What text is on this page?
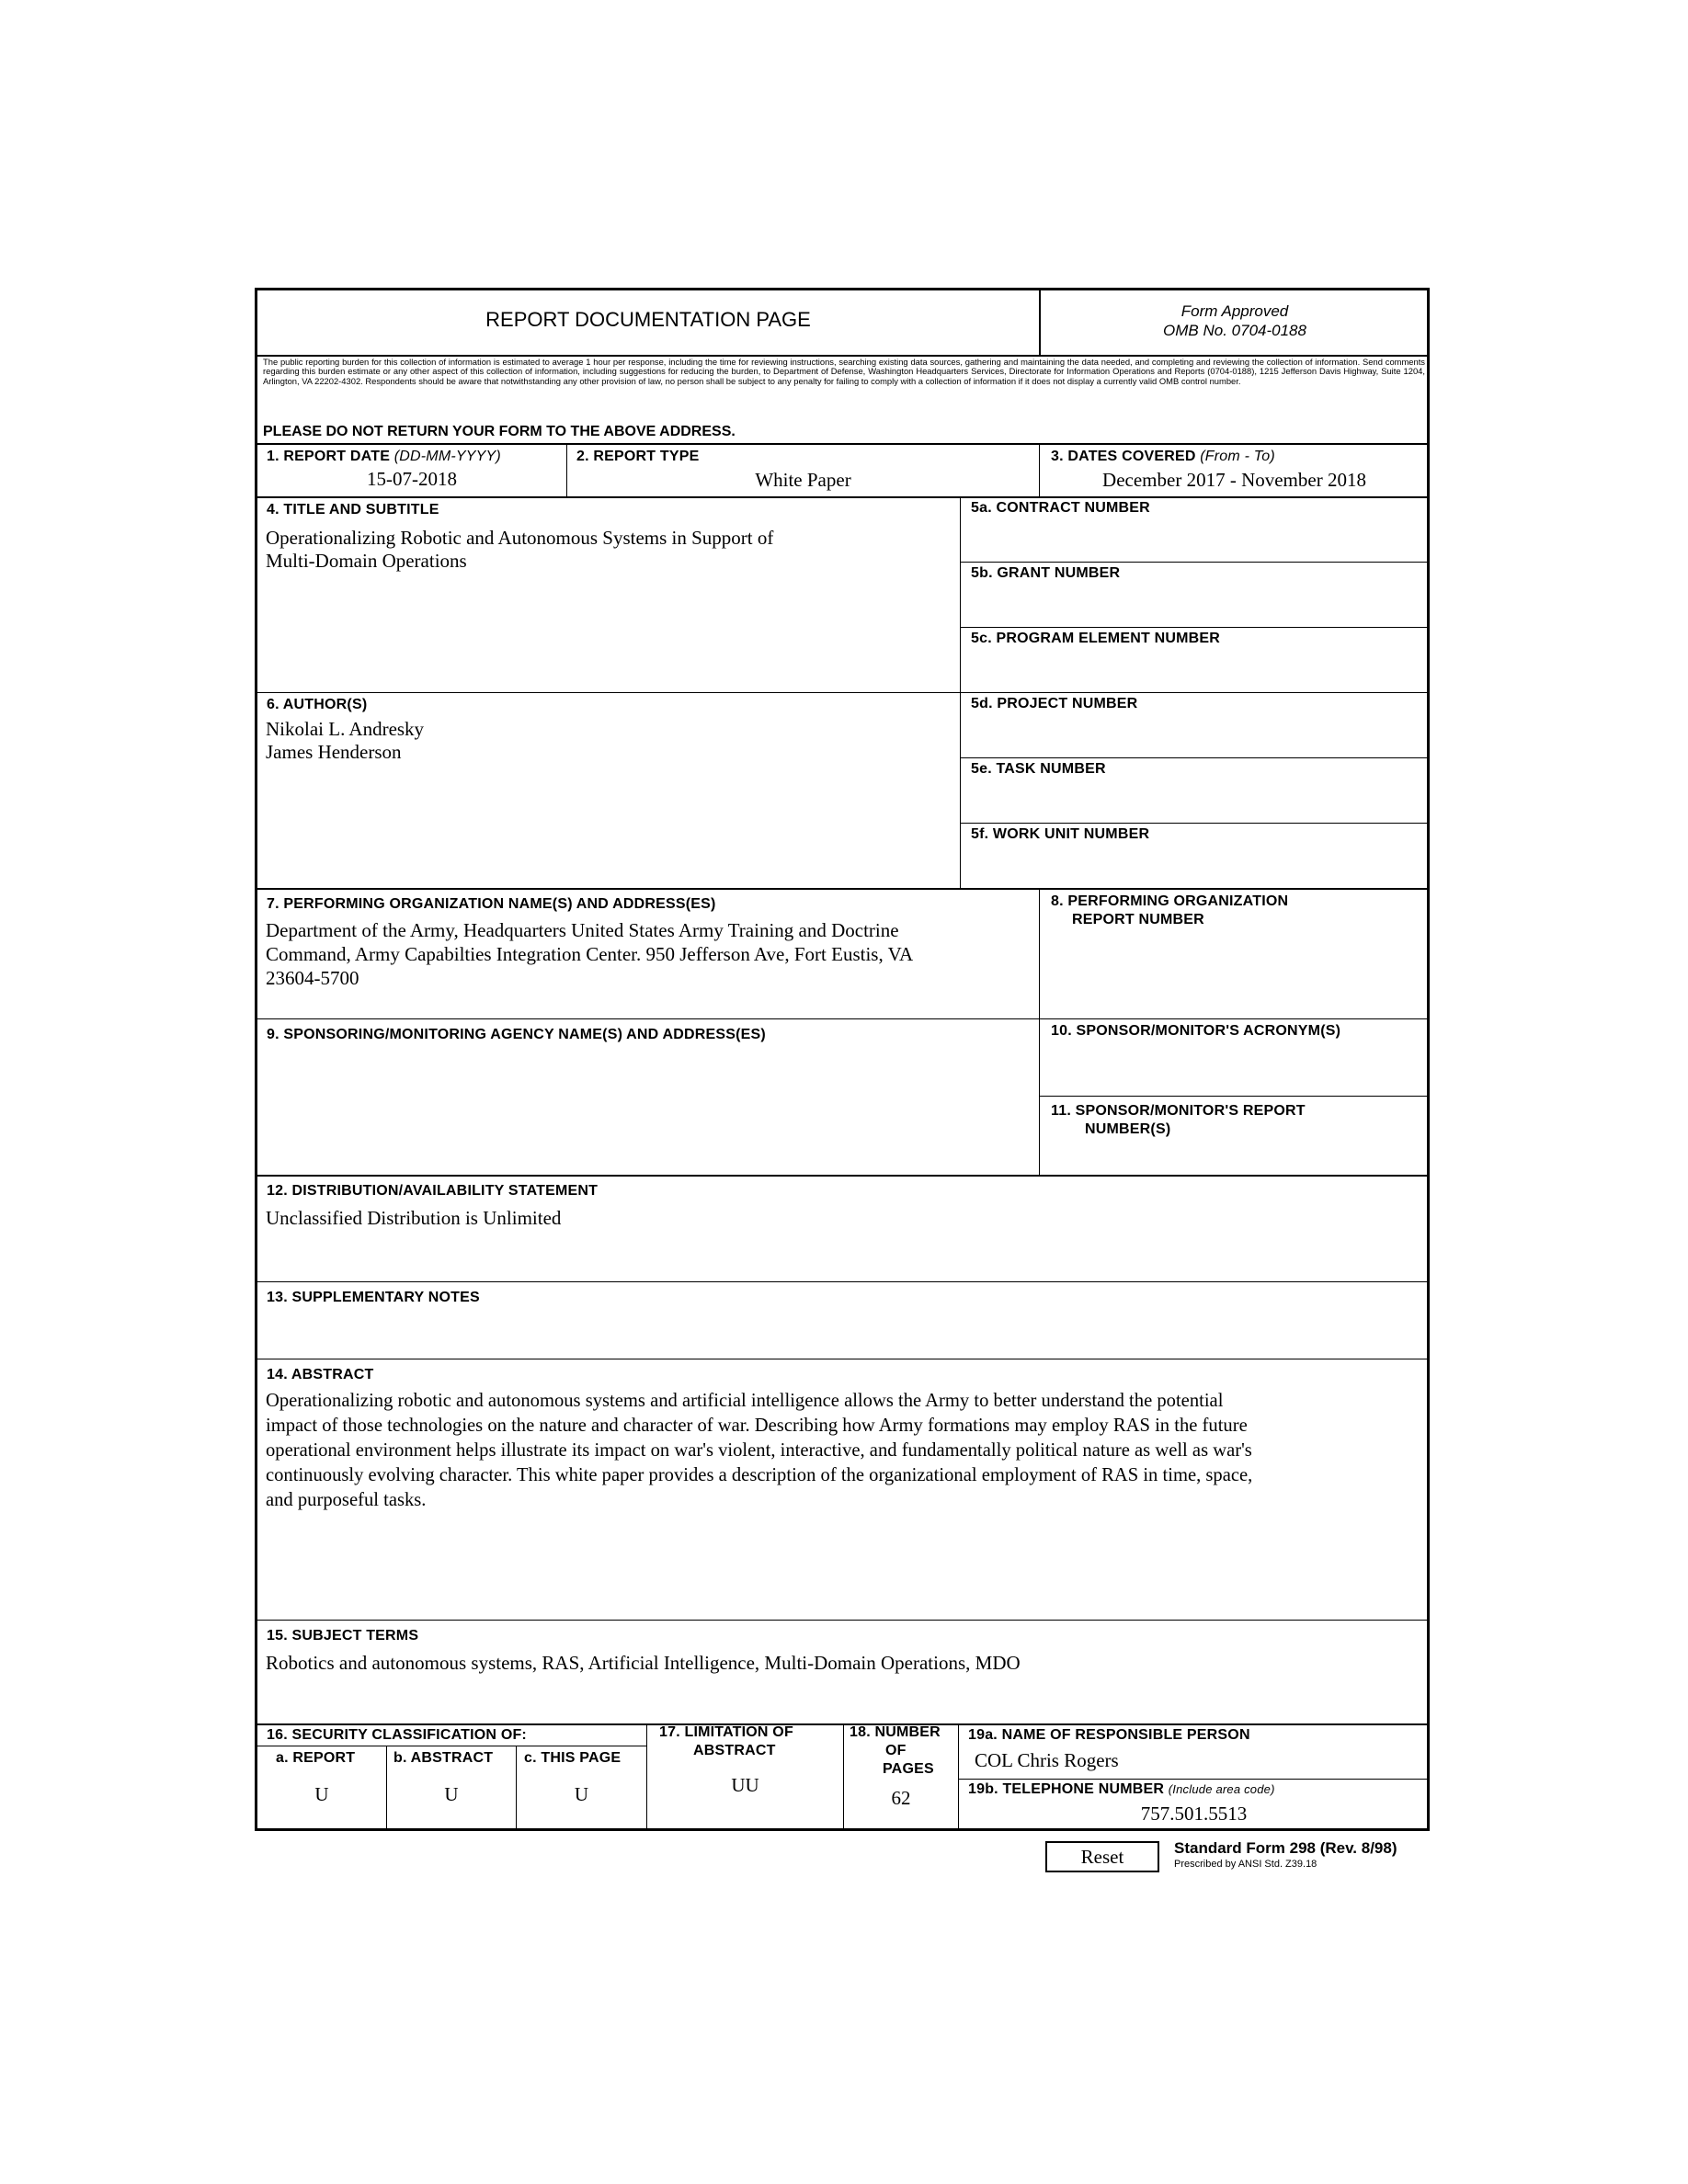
REPORT DOCUMENTATION PAGE	Form Approved
OMB No. 0704-0188
The public reporting burden for this collection of information is estimated to average 1 hour per response, including the time for reviewing instructions, searching existing data sources, gathering and maintaining the data needed, and completing and reviewing the collection of information. Send comments regarding this burden estimate or any other aspect of this collection of information, including suggestions for reducing the burden, to Department of Defense, Washington Headquarters Services, Directorate for Information Operations and Reports (0704-0188), 1215 Jefferson Davis Highway, Suite 1204, Arlington, VA 22202-4302. Respondents should be aware that notwithstanding any other provision of law, no person shall be subject to any penalty for failing to comply with a collection of information if it does not display a currently valid OMB control number.
PLEASE DO NOT RETURN YOUR FORM TO THE ABOVE ADDRESS.
1. REPORT DATE (DD-MM-YYYY)
15-07-2018
2. REPORT TYPE
White Paper
3. DATES COVERED (From - To)
December 2017 - November 2018
4. TITLE AND SUBTITLE
Operationalizing Robotic and Autonomous Systems in Support of
Multi-Domain Operations
5a. CONTRACT NUMBER
5b. GRANT NUMBER
5c. PROGRAM ELEMENT NUMBER
6. AUTHOR(S)
Nikolai L. Andresky
James Henderson
5d. PROJECT NUMBER
5e. TASK NUMBER
5f. WORK UNIT NUMBER
7. PERFORMING ORGANIZATION NAME(S) AND ADDRESS(ES)
Department of the Army, Headquarters United States Army Training and Doctrine
Command, Army Capabilties Integration Center. 950 Jefferson Ave, Fort Eustis, VA
23604-5700
8. PERFORMING ORGANIZATION
REPORT NUMBER
9. SPONSORING/MONITORING AGENCY NAME(S) AND ADDRESS(ES)	10. SPONSOR/MONITOR'S ACRONYM(S)
11. SPONSOR/MONITOR'S REPORT
NUMBER(S)
12. DISTRIBUTION/AVAILABILITY STATEMENT
Unclassified Distribution is Unlimited
13. SUPPLEMENTARY NOTES
14. ABSTRACT
Operationalizing robotic and autonomous systems and artificial intelligence allows the Army to better understand the potential
impact of those technologies on the nature and character of war. Describing how Army formations may employ RAS in the future
operational environment helps illustrate its impact on war's violent, interactive, and fundamentally political nature as well as war's
continuously evolving character. This white paper provides a description of the organizational employment of RAS in time, space,
and purposeful tasks.
15. SUBJECT TERMS
Robotics and autonomous systems, RAS, Artificial Intelligence, Multi-Domain Operations, MDO
16. SECURITY CLASSIFICATION OF:
a. REPORT	b. ABSTRACT c. THIS PAGE
U	U	U
17. LIMITATION OF
ABSTRACT
UU
18. NUMBER
OF
PAGES
62
19a. NAME OF RESPONSIBLE PERSON
COL Chris Rogers
19b. TELEPHONE NUMBER (Include area code)
757.501.5513
Reset	Standard Form 298 (Rev. 8/98)
Prescribed by ANSI Std. Z39.18
